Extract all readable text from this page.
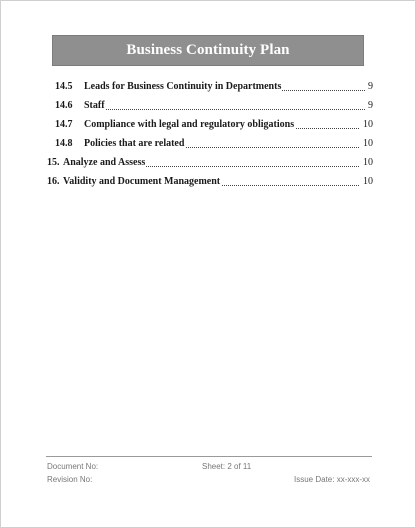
Business Continuity Plan
14.5 Leads for Business Continuity in Departments	9
14.6 Staff	9
14.7 Compliance with legal and regulatory obligations	10
14.8 Policies that are related	10
15. Analyze and Assess	10
16. Validity and Document Management	10
Document No:	Sheet: 2 of 11
Revision No:	Issue Date: xx-xxx-xx
